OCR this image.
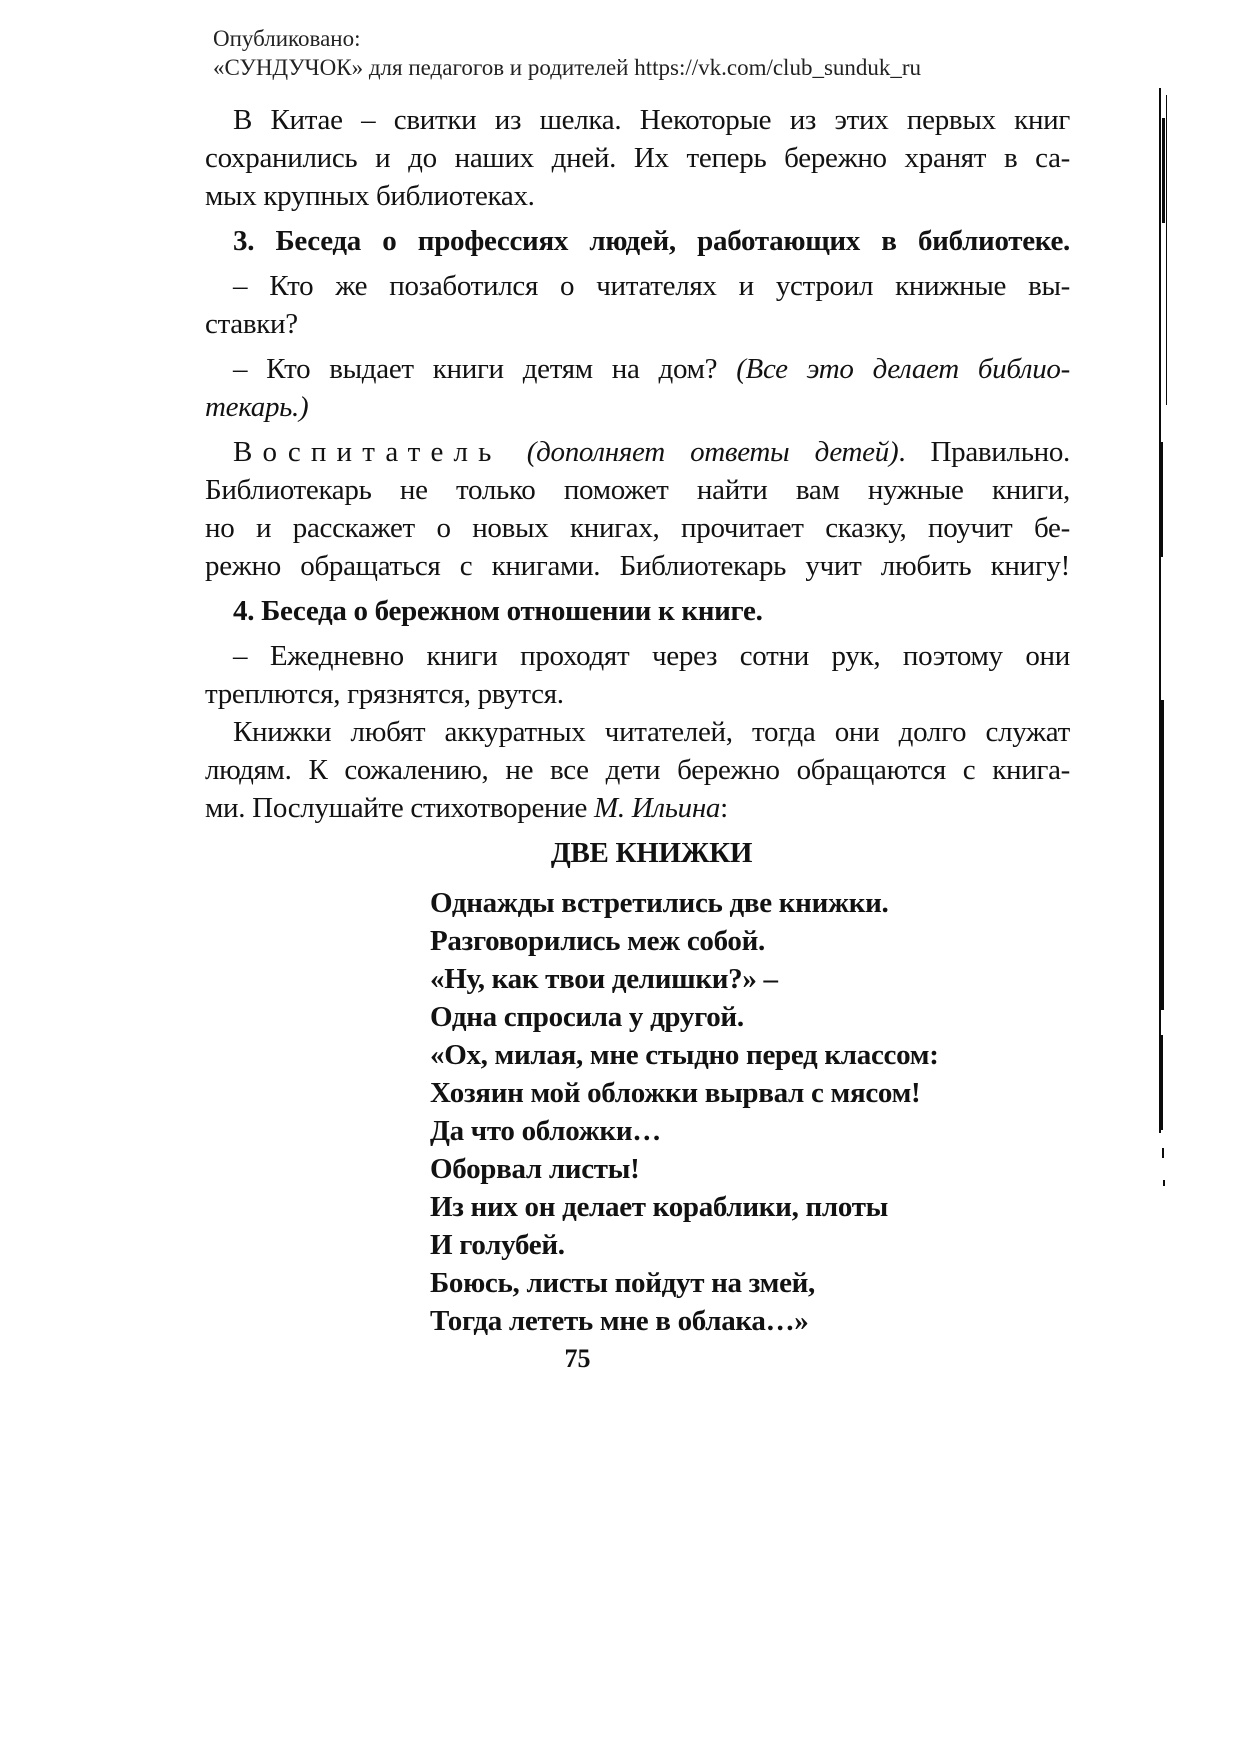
Опубликовано:
«СУНДУЧОК» для педагогов и родителей https://vk.com/club_sunduk_ru
В Китае – свитки из шелка. Некоторые из этих первых книг
сохранились и до наших дней. Их теперь бережно хранят в са-
мых крупных библиотеках.
3. Беседа о профессиях людей, работающих в библиотеке.
– Кто же позаботился о читателях и устроил книжные вы-
ставки?
– Кто выдает книги детям на дом? (Все это делает библио-
текарь.)
Воспитатель (дополняет ответы детей). Правильно.
Библиотекарь не только поможет найти вам нужные книги,
но и расскажет о новых книгах, прочитает сказку, поучит бе-
режно обращаться с книгами. Библиотекарь учит любить книгу!
4. Беседа о бережном отношении к книге.
– Ежедневно книги проходят через сотни рук, поэтому они
треплются, грязнятся, рвутся.
Книжки любят аккуратных читателей, тогда они долго служат
людям. К сожалению, не все дети бережно обращаются с книга-
ми. Послушайте стихотворение М. Ильина:
ДВЕ КНИЖКИ
Однажды встретились две книжки.
Разговорились меж собой.
«Ну, как твои делишки?» –
Одна спросила у другой.
«Ох, милая, мне стыдно перед классом:
Хозяин мой обложки вырвал с мясом!
Да что обложки…
Оборвал листы!
Из них он делает кораблики, плоты
И голубей.
Боюсь, листы пойдут на змей,
Тогда лететь мне в облака…»
75
